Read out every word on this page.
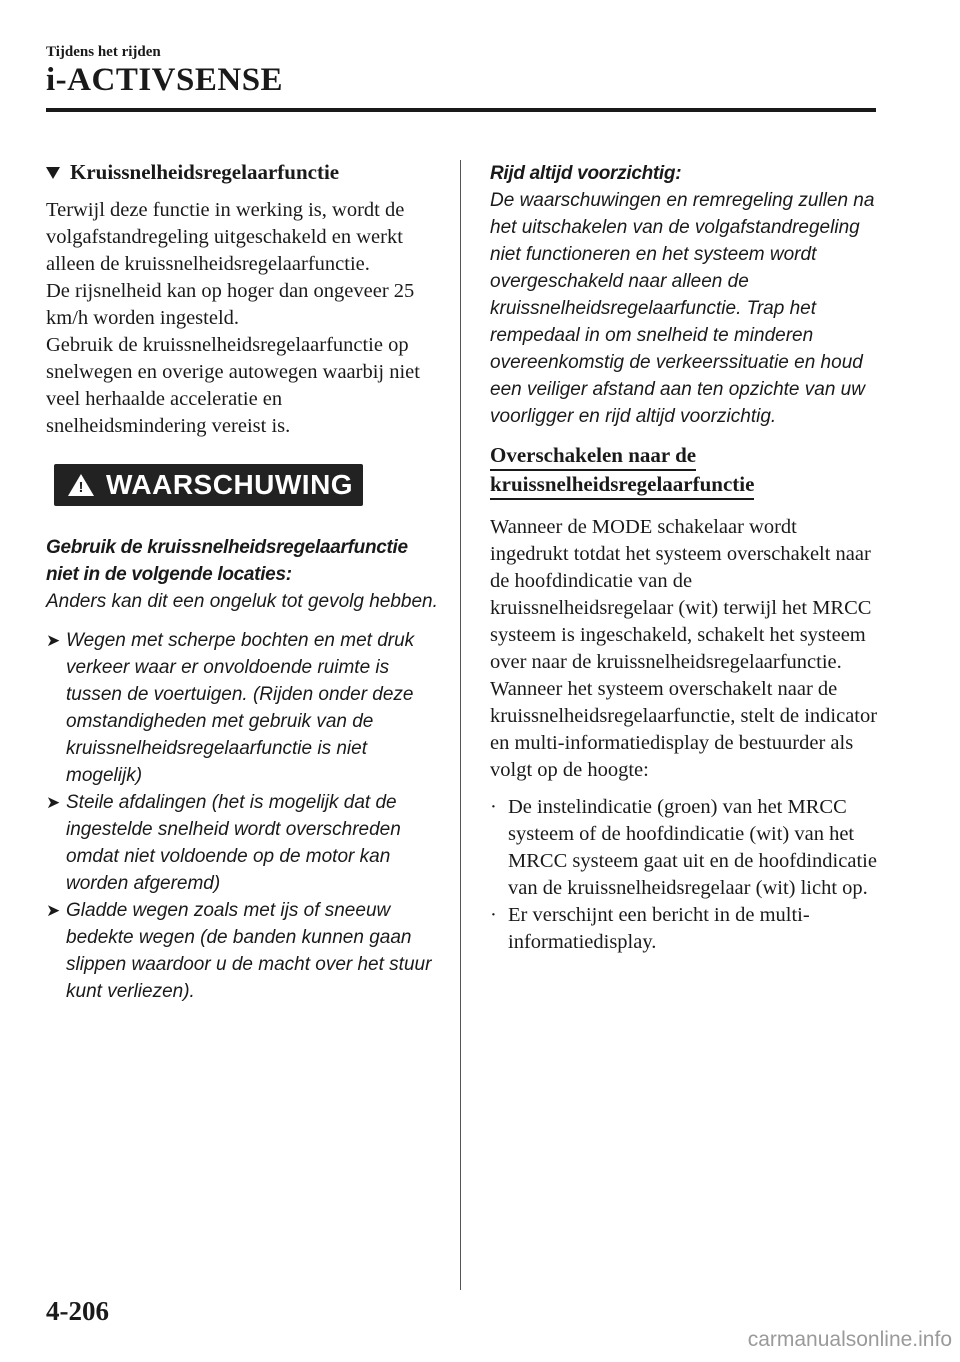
Tijdens het rijden
i-ACTIVSENSE
Kruissnelheidsregelaarfunctie

Terwijl deze functie in werking is, wordt de volgafstandregeling uitgeschakeld en werkt alleen de kruissnelheidsregelaarfunctie.
De rijsnelheid kan op hoger dan ongeveer 25 km/h worden ingesteld.
Gebruik de kruissnelheidsregelaarfunctie op snelwegen en overige autowegen waarbij niet veel herhaalde acceleratie en snelheidsmindering vereist is.

! WAARSCHUWING

Gebruik de kruissnelheidsregelaarfunctie niet in de volgende locaties:

Anders kan dit een ongeluk tot gevolg hebben.

➤ Wegen met scherpe bochten en met druk verkeer waar er onvoldoende ruimte is tussen de voertuigen. (Rijden onder deze omstandigheden met gebruik van de kruissnelheidsregelaarfunctie is niet mogelijk)
➤ Steile afdalingen (het is mogelijk dat de ingestelde snelheid wordt overschreden omdat niet voldoende op de motor kan worden afgeremd)
➤ Gladde wegen zoals met ijs of sneeuw bedekte wegen (de banden kunnen gaan slippen waardoor u de macht over het stuur kunt verliezen).

Rijd altijd voorzichtig:

De waarschuwingen en remregeling zullen na het uitschakelen van de volgafstandregeling niet functioneren en het systeem wordt overgeschakeld naar alleen de kruissnelheidsregelaarfunctie. Trap het rempedaal in om snelheid te minderen overeenkomstig de verkeerssituatie en houd een veiliger afstand aan ten opzichte van uw voorligger en rijd altijd voorzichtig.

Overschakelen naar de
kruissnelheidsregelaarfunctie

Wanneer de MODE schakelaar wordt ingedrukt totdat het systeem overschakelt naar de hoofdindicatie van de kruissnelheidsregelaar (wit) terwijl het MRCC systeem is ingeschakeld, schakelt het systeem over naar de kruissnelheidsregelaarfunctie.
Wanneer het systeem overschakelt naar de kruissnelheidsregelaarfunctie, stelt de indicator en multi-informatiedisplay de bestuurder als volgt op de hoogte:

· De instelindicatie (groen) van het MRCC systeem of de hoofdindicatie (wit) van het MRCC systeem gaat uit en de hoofdindicatie van de kruissnelheidsregelaar (wit) licht op.
· Er verschijnt een bericht in de multi-informatiedisplay.
4-206
carmanualsonline.info
